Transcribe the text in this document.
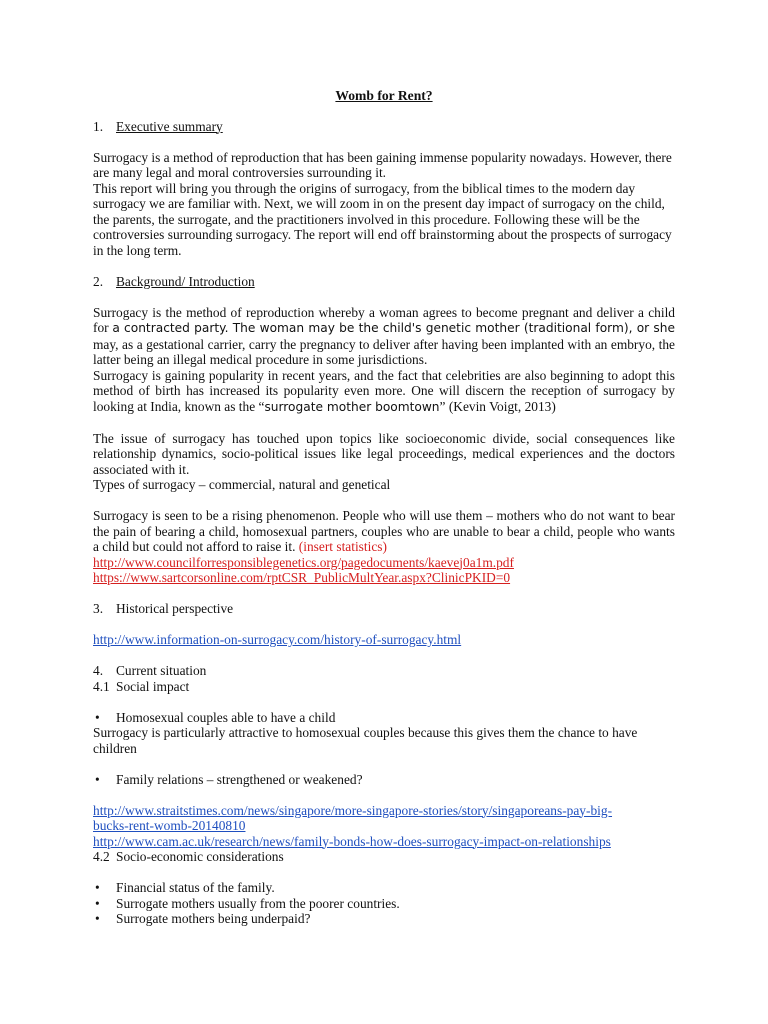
Womb for Rent?

1. Executive summary

Surrogacy is a method of reproduction that has been gaining immense popularity nowadays. However, there are many legal and moral controversies surrounding it.

This report will bring you through the origins of surrogacy, from the biblical times to the modern day surrogacy we are familiar with. Next, we will zoom in on the present day impact of surrogacy on the child, the parents, the surrogate, and the practitioners involved in this procedure. Following these will be the controversies surrounding surrogacy. The report will end off brainstorming about the prospects of surrogacy in the long term.

2. Background/ Introduction

Surrogacy is the method of reproduction whereby a woman agrees to become pregnant and deliver a child for a contracted party. The woman may be the child's genetic mother (traditional form), or she may, as a gestational carrier, carry the pregnancy to deliver after having been implanted with an embryo, the latter being an illegal medical procedure in some jurisdictions.

Surrogacy is gaining popularity in recent years, and the fact that celebrities are also beginning to adopt this method of birth has increased its popularity even more. One will discern the reception of surrogacy by looking at India, known as the “surrogate mother boomtown” (Kevin Voigt, 2013)

The issue of surrogacy has touched upon topics like socioeconomic divide, social consequences like relationship dynamics, socio-political issues like legal proceedings, medical experiences and the doctors associated with it.

Types of surrogacy – commercial, natural and genetical

Surrogacy is seen to be a rising phenomenon. People who will use them – mothers who do not want to bear the pain of bearing a child, homosexual partners, couples who are unable to bear a child, people who wants a child but could not afford to raise it. (insert statistics)

http://www.councilforresponsiblegenetics.org/pagedocuments/kaevej0a1m.pdf

https://www.sartcorsonline.com/rptCSR_PublicMultYear.aspx?ClinicPKID=0

3. Historical perspective

http://www.information-on-surrogacy.com/history-of-surrogacy.html

4. Current situation
4.1 Social impact
•	Homosexual couples able to have a child

Surrogacy is particularly attractive to homosexual couples because this gives them the chance to have children

•	Family relations – strengthened or weakened?

http://www.straitstimes.com/news/singapore/more-singapore-stories/story/singaporeans-pay-big-
bucks-rent-womb-20140810

http://www.cam.ac.uk/research/news/family-bonds-how-does-surrogacy-impact-on-relationships

4.2 Socio-economic considerations
•	Financial status of the family.
•	Surrogate mothers usually from the poorer countries.
•	Surrogate mothers being underpaid?
